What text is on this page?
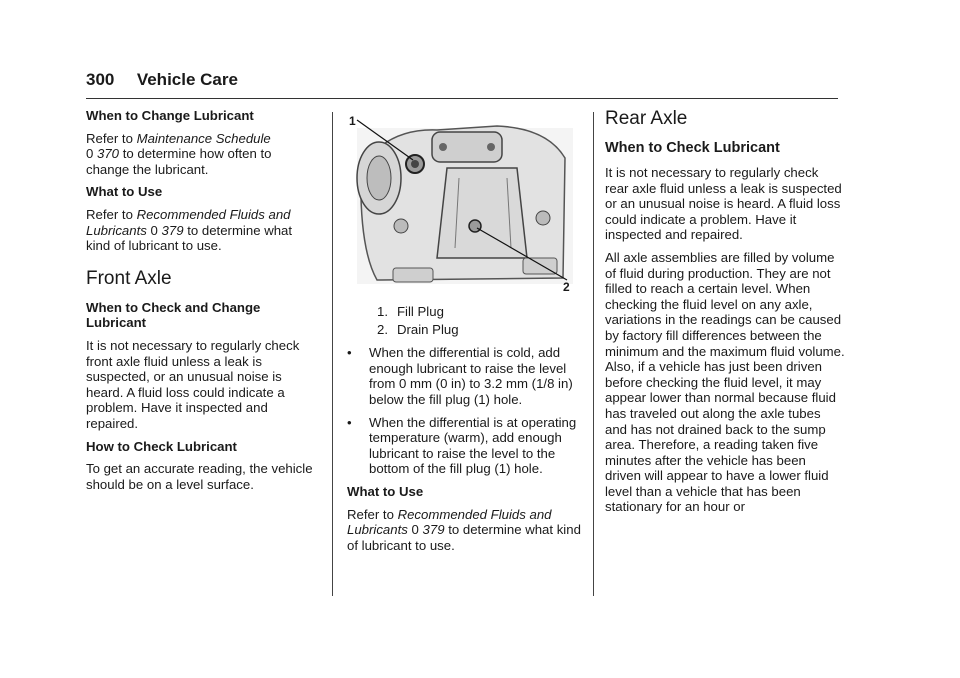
300 Vehicle Care

When to Change Lubricant

Refer to Maintenance Schedule
0 370 to determine how often to change the lubricant.

What to Use

Refer to Recommended Fluids and Lubricants 0 379 to determine what kind of lubricant to use.

Front Axle

When to Check and Change Lubricant

It is not necessary to regularly check front axle fluid unless a leak is suspected, or an unusual noise is heard. A fluid loss could indicate a problem. Have it inspected and repaired.

How to Check Lubricant

To get an accurate reading, the vehicle should be on a level surface.

1
2
1. Fill Plug
2. Drain Plug
• When the differential is cold, add enough lubricant to raise the level from 0 mm (0 in) to 3.2 mm (1/8 in) below the fill plug (1) hole.
• When the differential is at operating temperature (warm), add enough lubricant to raise the level to the bottom of the fill plug (1) hole.

What to Use

Refer to Recommended Fluids and Lubricants 0 379 to determine what kind of lubricant to use.

Rear Axle
When to Check Lubricant

It is not necessary to regularly check rear axle fluid unless a leak is suspected or an unusual noise is heard. A fluid loss could indicate a problem. Have it inspected and repaired.

All axle assemblies are filled by volume of fluid during production. They are not filled to reach a certain level. When checking the fluid level on any axle, variations in the readings can be caused by factory fill differences between the minimum and the maximum fluid volume. Also, if a vehicle has just been driven before checking the fluid level, it may appear lower than normal because fluid has traveled out along the axle tubes and has not drained back to the sump area. Therefore, a reading taken five minutes after the vehicle has been driven will appear to have a lower fluid level than a vehicle that has been stationary for an hour or
